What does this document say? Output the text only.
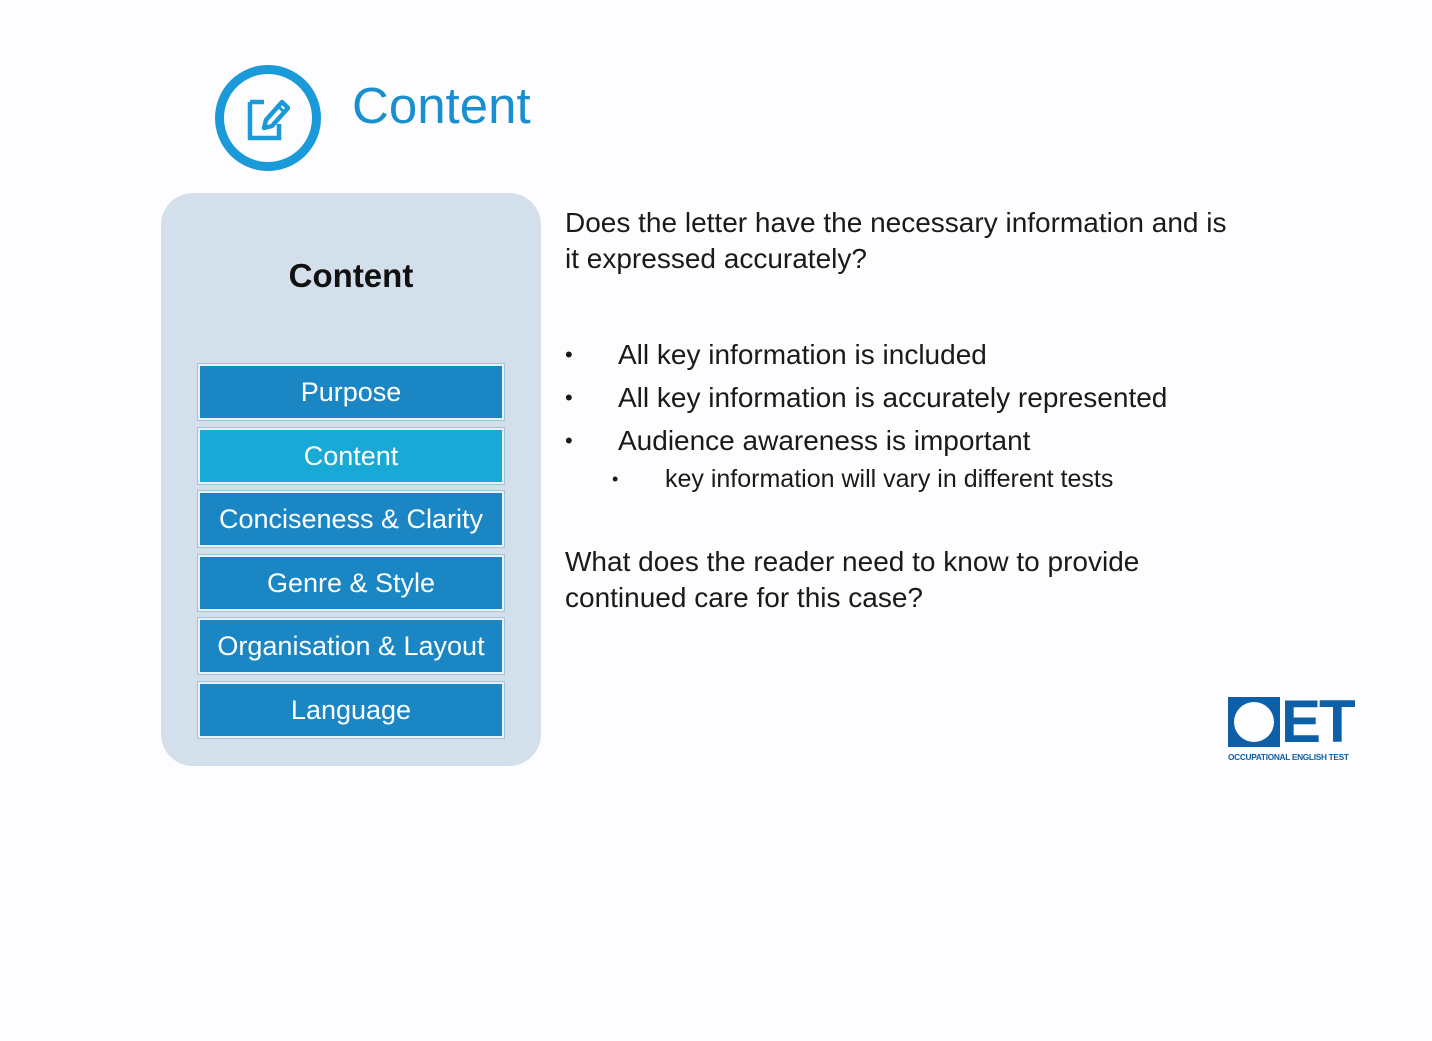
Content
Content
Purpose
Content
Conciseness & Clarity
Genre & Style
Organisation & Layout
Language

Does the letter have the necessary information and is it expressed accurately?

• All key information is included
• All key information is accurately represented
• Audience awareness is important
• key information will vary in different tests

What does the reader need to know to provide continued care for this case?

ET
OCCUPATIONAL ENGLISH TEST
